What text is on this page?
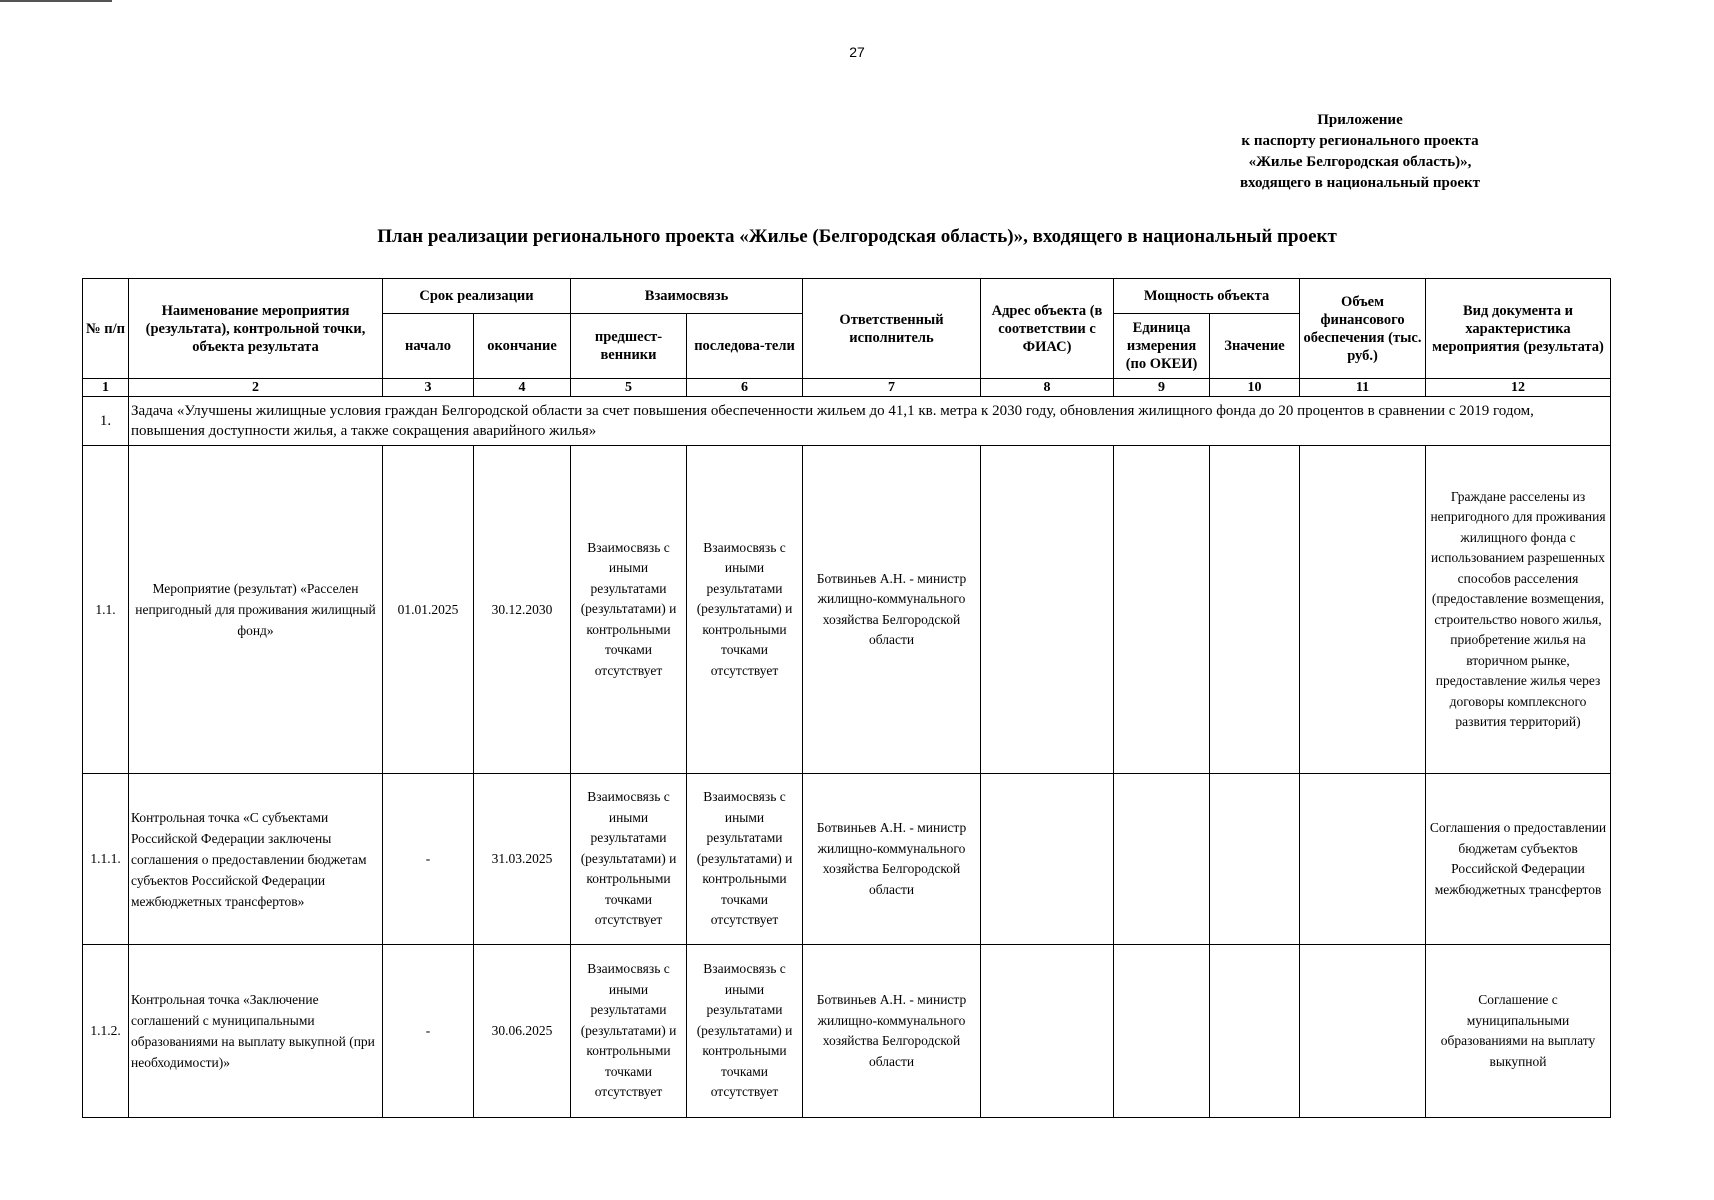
27
Приложение
к паспорту регионального проекта
«Жилье Белгородская область)»,
входящего в национальный проект
План реализации регионального проекта «Жилье (Белгородская область)», входящего в национальный проект
№ п/п	Наименование мероприятия (результата), контрольной точки, объекта результата	Срок реализации		Взаимосвязь		Ответственный исполнитель	Адрес объекта (в соответствии с ФИАС)	Мощность объекта		Объем финансового обеспечения (тыс. руб.)	Вид документа и характеристика мероприятия (результата)
		начало	окончание	предшест-венники	последова-тели			Единица измерения (по ОКЕИ)	Значение		
1	2	3	4	5	6	7	8	9	10	11	12
1.	Задача «Улучшены жилищные условия граждан Белгородской области за счет повышения обеспеченности жильем до 41,1 кв. метра к 2030 году, обновления жилищного фонда до 20 процентов в сравнении с 2019 годом, повышения доступности жилья, а также сокращения аварийного жилья»										
1.1.	Мероприятие (результат) «Расселен непригодный для проживания жилищный фонд»	01.01.2025	30.12.2030	Взаимосвязь с иными результатами (результатами) и контрольными точками отсутствует	Взаимосвязь с иными результатами (результатами) и контрольными точками отсутствует	Ботвиньев А.Н. - министр жилищно-коммунального хозяйства Белгородской области					Граждане расселены из непригодного для проживания жилищного фонда с использованием разрешенных способов расселения (предоставление возмещения, строительство нового жилья, приобретение жилья на вторичном рынке, предоставление жилья через договоры комплексного развития территорий)
1.1.1.	Контрольная точка «С субъектами Российской Федерации заключены соглашения о предоставлении бюджетам субъектов Российской Федерации межбюджетных трансфертов»	-	31.03.2025	Взаимосвязь с иными результатами (результатами) и контрольными точками отсутствует	Взаимосвязь с иными результатами (результатами) и контрольными точками отсутствует	Ботвиньев А.Н. - министр жилищно-коммунального хозяйства Белгородской области					Соглашения о предоставлении бюджетам субъектов Российской Федерации межбюджетных трансфертов
1.1.2.	Контрольная точка «Заключение соглашений с муниципальными образованиями на выплату выкупной (при необходимости)»	-	30.06.2025	Взаимосвязь с иными результатами (результатами) и контрольными точками отсутствует	Взаимосвязь с иными результатами (результатами) и контрольными точками отсутствует	Ботвиньев А.Н. - министр жилищно-коммунального хозяйства Белгородской области					Соглашение с муниципальными образованиями на выплату выкупной
